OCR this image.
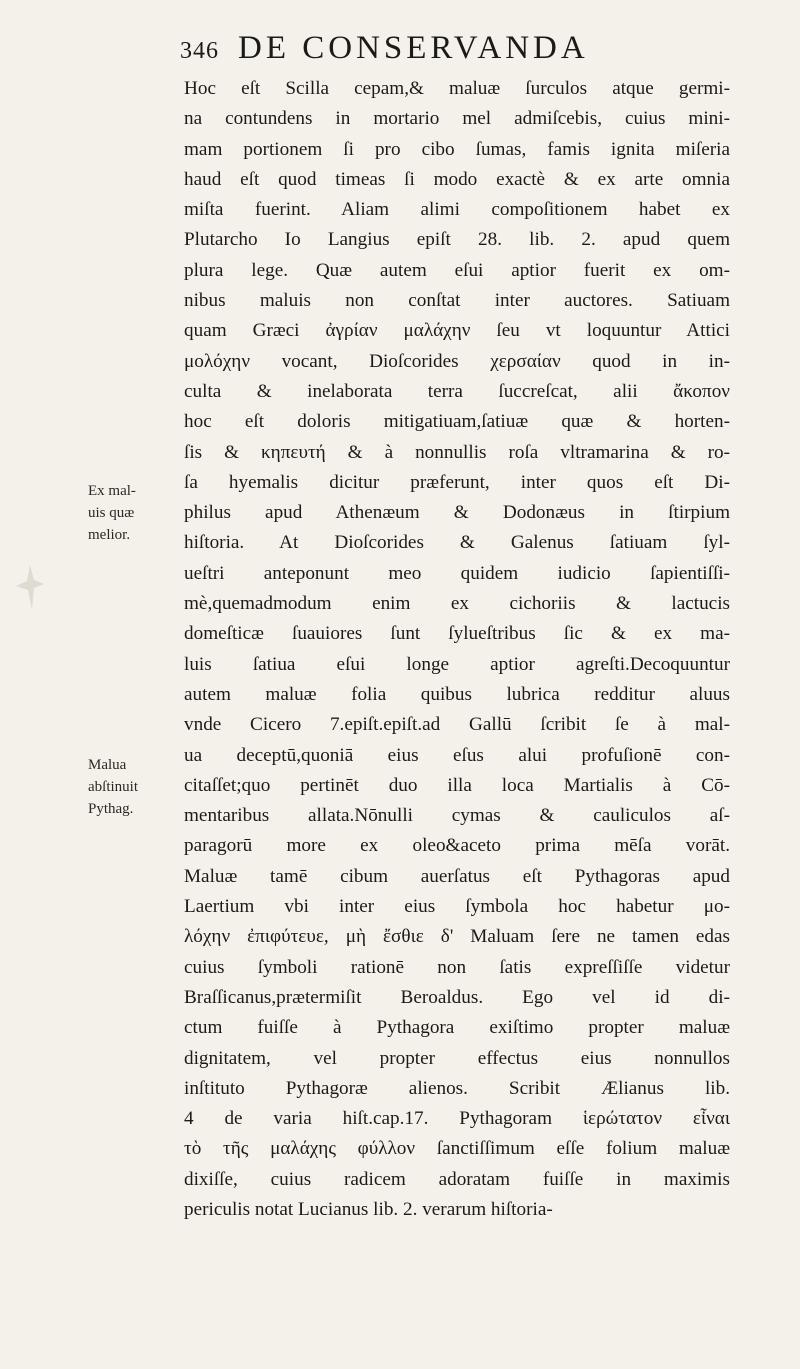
346 DE CONSERVANDA
Hoc eſt Scilla cepam,& maluæ ſurculos atque germi-
na contundens in mortario mel admiſcebis, cuius mini-
mam portionem ſi pro cibo ſumas, famis ignita miſeria
haud eſt quod timeas ſi modo exactè & ex arte omnia
miſta fuerint. Aliam alimi compoſitionem habet ex
Plutarcho Io Langius epiſt 28. lib. 2. apud quem
plura lege. Quæ autem eſui aptior fuerit ex om-
nibus maluis non conſtat inter auctores. Satiuam
quam Græci ἀγρίαν μαλάχην ſeu vt loquuntur Attici
μολόχην vocant, Dioſcorides χερσαίαν quod in in-
culta & inelaborata terra ſuccreſcat, alii ἄκοπον
hoc eſt doloris mitigatiuam,ſatiuæ quæ & horten-
ſis & κηπευτή & à nonnullis roſa vltramarina & ro-
ſa hyemalis dicitur præferunt, inter quos eſt Di-
philus apud Athenæum & Dodonæus in ſtirpium
hiſtoria. At Dioſcorides & Galenus ſatiuam ſyl-
ueſtri anteponunt meo quidem iudicio ſapientiſſi-
mè,quemadmodum enim ex cichoriis & lactucis
domeſticæ ſuauiores ſunt ſylueſtribus ſic & ex ma-
luis ſatiua eſui longe aptior agreſti.Decoquuntur
autem maluæ folia quibus lubrica redditur aluus
vnde Cicero 7.epiſt.epiſt.ad Gallū ſcribit ſe à mal-
ua deceptū,quoniā eius eſus alui profuſionē con-
citaſſet;quo pertinēt duo illa loca Martialis à Cō-
mentaribus allata.Nōnulli cymas & cauliculos aſ-
paragorū more ex oleo&aceto prima mēſa vorāt.
Maluæ tamē cibum auerſatus eſt Pythagoras apud
Laertium vbi inter eius ſymbola hoc habetur μο-
λόχην ἐπιφύτευε, μὴ ἔσθιε δ' Maluam ſere ne tamen edas
cuius ſymboli rationē non ſatis expreſſiſſe videtur
Braſſicanus,prætermiſit Beroaldus. Ego vel id di-
ctum fuiſſe à Pythagora exiſtimo propter maluæ
dignitatem, vel propter effectus eius nonnullos
inſtituto Pythagoræ alienos. Scribit Ælianus lib.
4 de varia hiſt.cap.17. Pythagoram ἱερώτατον εἶναι
τὸ τῆς μαλάχης φύλλον ſanctiſſimum eſſe folium maluæ
dixiſſe, cuius radicem adoratam fuiſſe in maximis
periculis notat Lucianus lib. 2. verarum hiſtoria-
Ex mal-
uis quæ
melior.
Malua
abſtinuit
Pythag.
